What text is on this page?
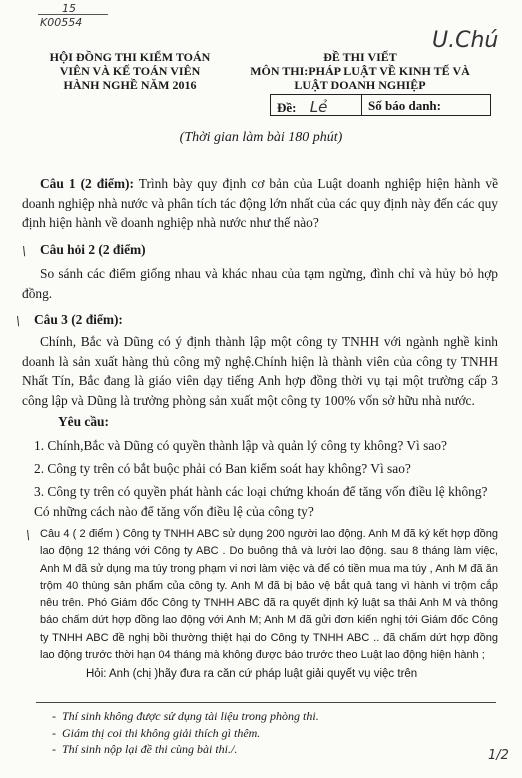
15
K00554
U.Chú
HỘI ĐỒNG THI KIỂM TOÁN
VIÊN VÀ KẾ TOÁN VIÊN
HÀNH NGHỀ NĂM 2016
ĐỀ THI VIẾT
MÔN THI:PHÁP LUẬT VỀ KINH TẾ VÀ
LUẬT DOANH NGHIỆP
Đề: Lẻ	Số báo danh:
(Thời gian làm bài 180 phút)
Câu 1 (2 điểm): Trình bày quy định cơ bản của Luật doanh nghiệp hiện hành về doanh nghiệp nhà nước và phân tích tác động lớn nhất của các quy định này đến các quy định hiện hành về doanh nghiệp nhà nước như thế nào?
\ Câu hỏi 2 (2 điểm)
So sánh các điểm giống nhau và khác nhau của tạm ngừng, đình chỉ và hủy bỏ hợp đồng.
\ Câu 3 (2 điểm):
Chính, Bắc và Dũng có ý định thành lập một công ty TNHH với ngành nghề kinh doanh là sản xuất hàng thủ công mỹ nghệ.Chính hiện là thành viên của công ty TNHH Nhất Tín, Bắc đang là giáo viên dạy tiếng Anh hợp đồng thời vụ tại một trường cấp 3 công lập và Dũng là trưởng phòng sản xuất một công ty 100% vốn sở hữu nhà nước.
Yêu cầu:
1. Chính,Bắc và Dũng có quyền thành lập và quản lý công ty không? Vì sao?
2. Công ty trên có bắt buộc phải có Ban kiểm soát hay không? Vì sao?
3. Công ty trên có quyền phát hành các loại chứng khoán để tăng vốn điều lệ không? Có những cách nào để tăng vốn điều lệ của công ty?
\ Câu 4 ( 2 điểm ) Công ty TNHH ABC sử dụng 200 người lao động. Anh M đã ký kết hợp đồng lao động 12 tháng với Công ty ABC . Do buông thả và lười lao động. sau 8 tháng làm việc, Anh M đã sử dụng ma túy trong phạm vi nơi làm việc và để có tiền mua ma túy , Anh M đã ăn trộm 40 thùng sản phẩm của công ty. Anh M đã bị bảo vệ bắt quả tang vì hành vi trộm cắp nêu trên. Phó Giám đốc Công ty TNHH ABC đã ra quyết định kỷ luật sa thải Anh M và thông báo chấm dứt hợp đồng lao động với Anh M; Anh M đã gửi đơn kiến nghị tới Giám đốc Công ty TNHH ABC đề nghị bồi thường thiệt hại do Công ty TNHH ABC .. đã chấm dứt hợp đồng lao động trước thời hạn 04 tháng mà không được báo trước theo Luật lao động hiện hành ;
Hỏi: Anh (chị )hãy đưa ra căn cứ pháp luật giải quyết vụ việc trên
-  Thí sinh không được sử dụng tài liệu trong phòng thi.
-  Giám thị coi thi không giải thích gì thêm.
-  Thí sinh nộp lại đề thi cùng bài thi./.	1/2
